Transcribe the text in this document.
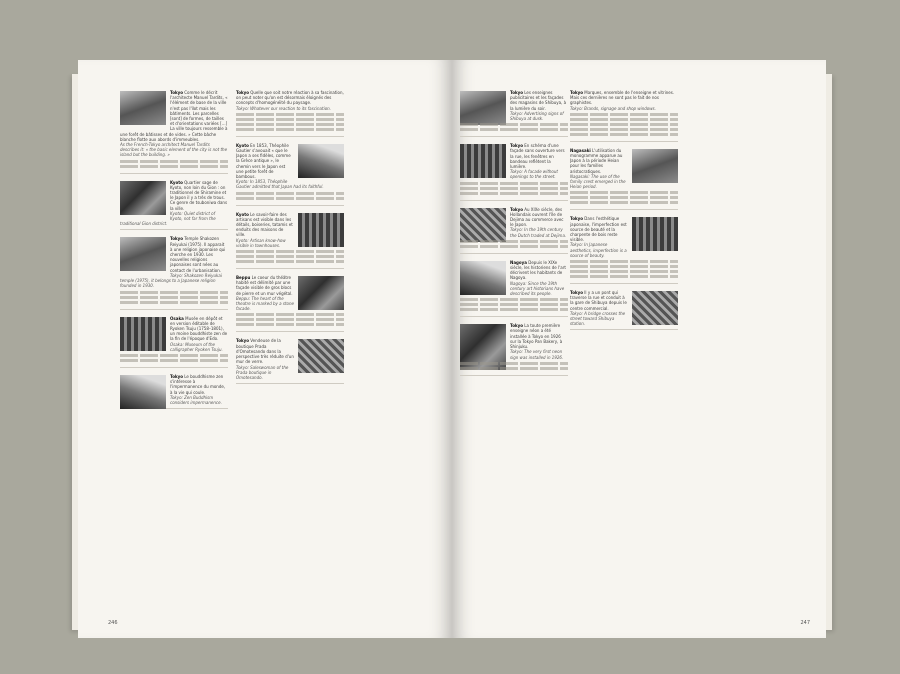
Tokyo Comme le décrit l'architecte Manuel Tardits, « l'élément de base de la ville n'est pas l'îlot mais les bâtiments. Les parcelles [sont] de formes, de tailles et d'orientations variées […] La ville toujours ressemble à une forêt de bâtisses et de vides. » Cette bâche blanche flotte aux abords d'immeubles.

As the French-Tokyo architect Manuel Tardits describes it: « the basic element of the city is not the island but the building. »

Kyoto Quartier sage de Kyoto, non loin du Gion : on traditionnel de Shiramine et le Japon il y a très de trous. Ce genre de tsuboniwa dans la ville.

Kyoto: Quiet district of Kyoto, not far from the traditional Gion district.

Tokyo Temple Shakozen Reiyukai (1975). Il apparait à une religion japonaise qui cherche en 1930. Les nouvelles religions japonaises sont nées au contact de l'urbanisation.

Tokyo: Shakozen Reiyukai temple (1975), it belongs to a Japanese religion founded in 1930.

Osaka Musée en dépôt et en version éditable de Ryoken Tsuju (1758–1801), un moine bouddhiste zen de la fin de l'époque d'Edo.

Osaka: Museum of the calligrapher Ryoken Tsuju.

Tokyo Le bouddhisme zen s'intéresse à l'impermanence du monde, à la vie qui coule.

Tokyo: Zen Buddhism considers impermanence.

Tokyo Quelle que soit notre réaction à sa fascination, on peut noter qu'on est désormais éloignés des concepts d'homogénéité du paysage.

Tokyo: Whatever our reaction to its fascination.

Kyoto En 1853, Théophile Gautier s'avouait « que le Japon a ses fidèles, comme la Grèce antique », le chemin vers le Japon est une petite forêt de bambous.

Kyoto: In 1853, Théophile Gautier admitted that Japan had its faithful.

Kyoto Le savoir-faire des artisans est visible dans les détails, boiseries, tatamis et enduits des maisons de ville.

Kyoto: Artisan know-how visible in townhouses.

Beppu Le coeur du théâtre habité est délimité par une façade visible de gros blocs de pierre et un mur végétal.

Beppu: The heart of the theatre is marked by a stone facade.

Tokyo Vendeuse de la boutique Prada d'Omotesando dans la perspective très réduite d'un mur de verre.

Tokyo: Saleswoman of the Prada boutique in Omotesando.

246

Tokyo Les enseignes publicitaires et les façades des magasins de Shibuya, à la lumière du soir.

Tokyo: Advertising signs of Shibuya at dusk.

Tokyo En schéma d'une façade sans ouverture vers la rue, les fenêtres en bandeau reflètent la lumière.

Tokyo: A facade without openings to the street.

Tokyo Au XIXe siècle, des Hollandais ouvrent l'île de Dejima au commerce avec le Japon.

Tokyo: In the 19th century the Dutch traded at Dejima.

Nagoya Depuis le XIXe siècle, les historiens de l'art décrivent les habitants de Nagoya.

Nagoya: Since the 19th century art historians have described its people.

Tokyo La toute première enseigne néon a été installée à Tokyo en 1926 sur la Tokyo Pan Bakery, à Shinjuku.

Tokyo: The very first neon sign was installed in 1926.

Tokyo Marques, ensemble de l'enseigne et vitrines. Mais ces dernières ne sont pas le fait de nos graphistes.

Tokyo: Brands, signage and shop windows.

Nagasaki L'utilisation du monogramme apparue au Japon à la période Heian pour les familles aristocratiques.

Nagasaki: The use of the family crest emerged in the Heian period.

Tokyo Dans l'esthétique japonaise, l'imperfection est source de beauté et la charpente de bois reste visible.

Tokyo: In Japanese aesthetics, imperfection is a source of beauty.

Tokyo Il y a un pont qui traverse la rue et conduit à la gare de Shibuya depuis le centre commercial.

Tokyo: A bridge crosses the street toward Shibuya station.

247
